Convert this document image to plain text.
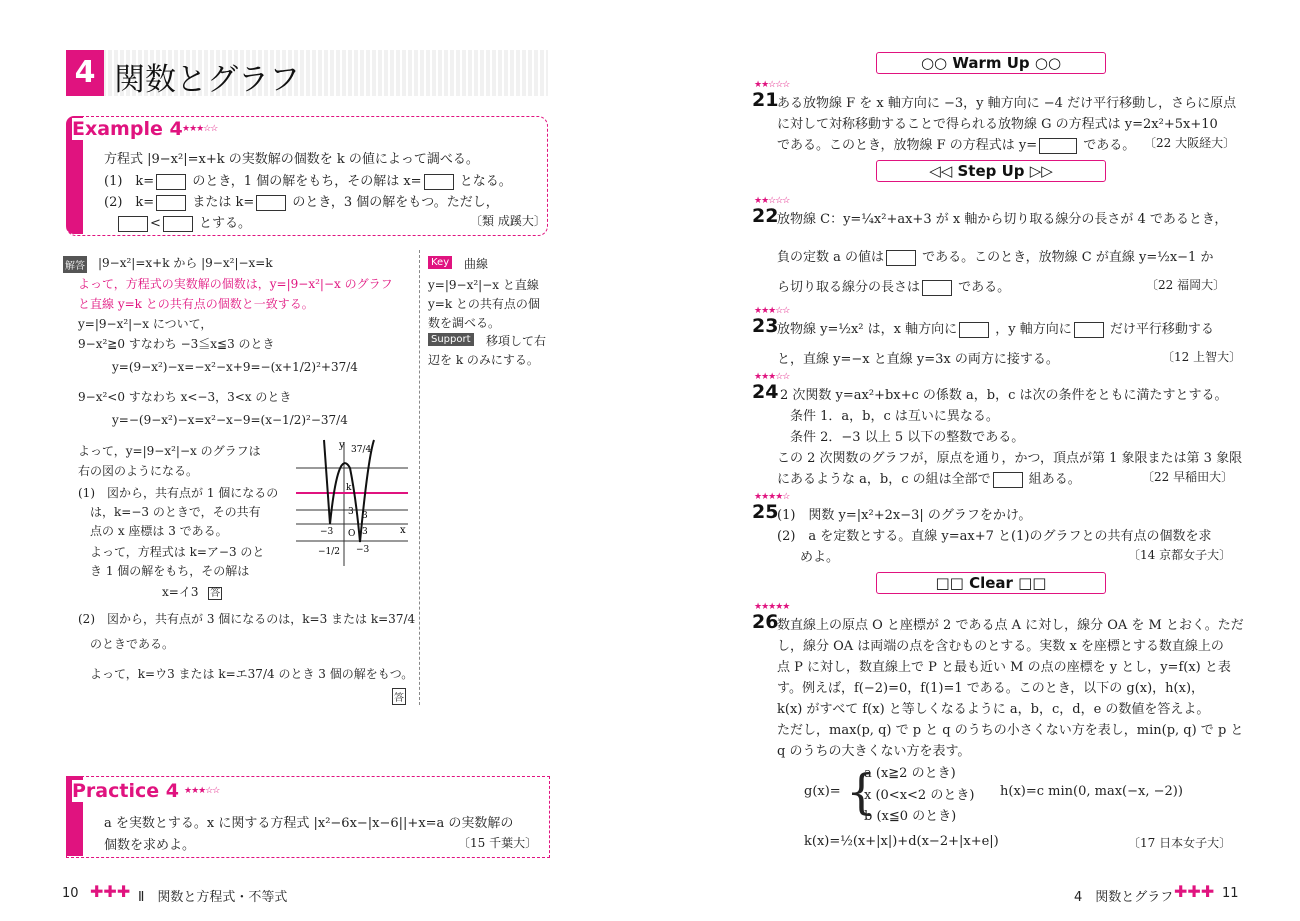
4 関数とグラフ
Example 4 ★★★☆☆
方程式 |9−x²|=x+k の実数解の個数を k の値によって調べる。
(1)　k=	のとき，1 個の解をもち，その解は x=	となる。
(2)　k=	または k=	のとき，3 個の解をもつ。ただし，
<	とする。	〔類 成蹊大〕
解答 |9−x²|=x+k から |9−x²|−x=k
よって，方程式の実数解の個数は，y=|9−x²|−x のグラフ
と直線 y=k との共有点の個数と一致する。
y=|9−x²|−x について，
9−x²≧0 すなわち −3≦x≦3 のとき
y=(9−x²)−x=−x²−x+9=−(x+1/2)²+37/4
9−x²<0 すなわち x<−3，3<x のとき
y=−(9−x²)−x=x²−x−9=(x−1/2)²−37/4
よって，y=|9−x²|−x のグラフは
右の図のようになる。
(1)　図から，共有点が 1 個になるの
は，k=−3 のときで，その共有
点の x 座標は 3 である。
よって，方程式は k=ア−3 のと
き 1 個の解をもち，その解は
x=イ3 答
(2)　図から，共有点が 3 個になるのは，k=3 または k=37/4
のときである。
よって，k=ウ3 または k=エ37/4 のとき 3 個の解をもつ。
答
Key 曲線
y=|9−x²|−x と直線
y=k との共有点の個
数を調べる。
Support 移項して右
辺を k のみにする。
y
x
O
k
37/4
3 3
−3	3
−3
−1/2
Practice 4 ★★★☆☆
a を実数とする。x に関する方程式 |x²−6x−|x−6||+x=a の実数解の
個数を求めよ。	〔15 千葉大〕
10 ✚✚✚ Ⅱ　関数と方程式・不等式
○○ Warm Up ○○
★★☆☆☆
21
ある放物線 F を x 軸方向に −3，y 軸方向に −4 だけ平行移動し，さらに原点
に対して対称移動することで得られる放物線 G の方程式は y=2x²+5x+10
である。このとき，放物線 F の方程式は y=	である。 〔22 大阪経大〕
◁◁ Step Up ▷▷
★★☆☆☆
22
放物線 C：y=¼x²+ax+3 が x 軸から切り取る線分の長さが 4 であるとき，
負の定数 a の値は	である。このとき，放物線 C が直線 y=½x−1 か
ら切り取る線分の長さは	である。	〔22 福岡大〕
★★★☆☆
23
放物線 y=½x² は，x 軸方向に	，y 軸方向に	だけ平行移動する
と，直線 y=−x と直線 y=3x の両方に接する。	〔12 上智大〕
★★★☆☆
24 2 次関数 y=ax²+bx+c の係数 a，b，c は次の条件をともに満たすとする。
条件 1．a，b，c は互いに異なる。
条件 2．−3 以上 5 以下の整数である。
この 2 次関数のグラフが，原点を通り，かつ，頂点が第 1 象限または第 3 象限
にあるような a，b，c の組は全部で	組ある。	〔22 早稲田大〕
★★★★☆
25
(1)　関数 y=|x²+2x−3| のグラフをかけ。
(2)　a を定数とする。直線 y=ax+7 と(1)のグラフとの共有点の個数を求
めよ。	〔14 京都女子大〕
□□ Clear □□
★★★★★
26
数直線上の原点 O と座標が 2 である点 A に対し，線分 OA を M とおく。ただ
し，線分 OA は両端の点を含むものとする。実数 x を座標とする数直線上の
点 P に対し，数直線上で P と最も近い M の点の座標を y とし，y=f(x) と表
す。例えば，f(−2)=0，f(1)=1 である。このとき，以下の g(x)，h(x)，
k(x) がすべて f(x) と等しくなるように a，b，c，d，e の数値を答えよ。
ただし，max(p, q) で p と q のうちの小さくない方を表し，min(p, q) で p と
q のうちの大きくない方を表す。
g(x)= {
a (x≧2 のとき)
x (0<x<2 のとき)
b (x≦0 のとき)
h(x)=c min(0, max(−x, −2))
k(x)=½(x+|x|)+d(x−2+|x+e|)	〔17 日本女子大〕
4　関数とグラフ ✚✚✚ 11
